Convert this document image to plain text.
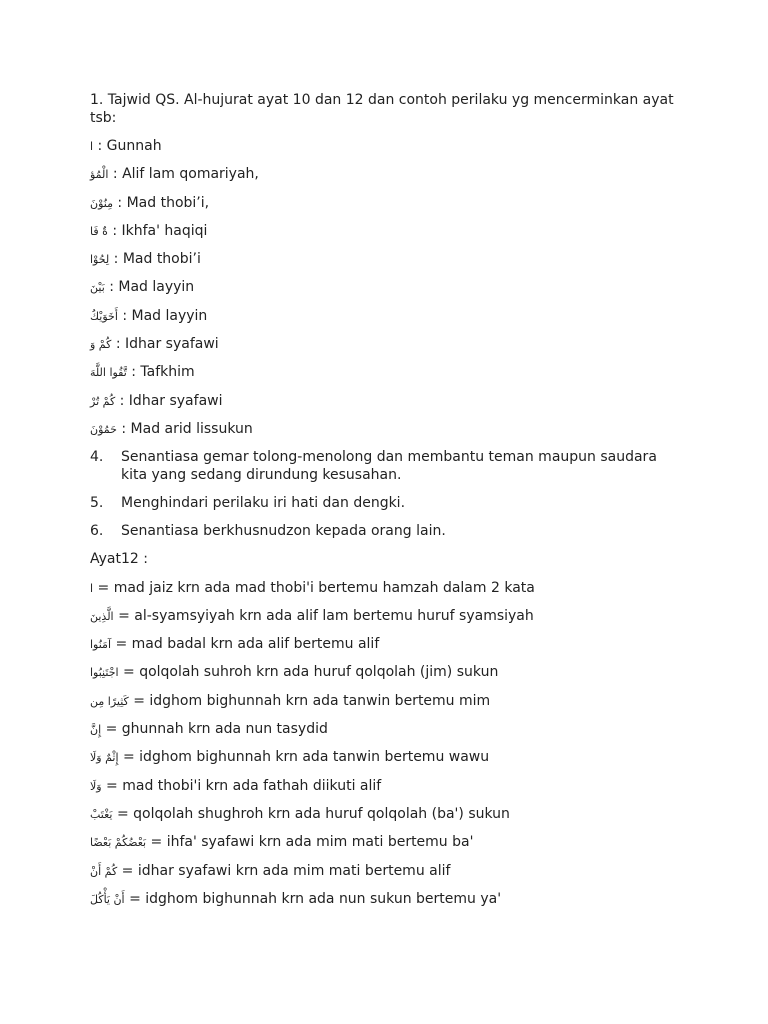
1. Tajwid QS. Al-hujurat ayat 10 dan 12 dan contoh perilaku yg mencerminkan ayat tsb:

ا : Gunnah
الْمُؤ : Alif lam qomariyah,
مِنُوْنَ : Mad thobi’i,
ةٌ فَا : Ikhfa' haqiqi
لِحُوْا : Mad thobi’i
بَيْنَ : Mad layyin
أَخَوَيْكُ : Mad layyin
كُمْ وَ : Idhar syafawi
تَّقُوا اللَّهَ : Tafkhim
كُمْ تُرْ : Idhar syafawi
حَمُوْنَ : Mad arid lissukun
4.	Senantiasa gemar tolong-menolong dan membantu teman maupun saudara kita yang sedang dirundung kesusahan.
5.	Menghindari perilaku iri hati dan dengki.
6.	Senantiasa berkhusnudzon kepada orang lain.
Ayat12 :
ا = mad jaiz krn ada mad thobi'i bertemu hamzah dalam 2 kata
الَّذِينَ = al-syamsyiyah krn ada alif lam bertemu huruf syamsiyah
آمَنُوا = mad badal krn ada alif bertemu alif
اجْتَنِبُوا = qolqolah suhroh krn ada huruf qolqolah (jim) sukun
كَثِيرًا مِن = idghom bighunnah krn ada tanwin bertemu mim
إِنَّ = ghunnah krn ada nun tasydid
إِثْمٌ وَلَا = idghom bighunnah krn ada tanwin bertemu wawu
وَلَا = mad thobi'i krn ada fathah diikuti alif
يَغْتَبْ = qolqolah shughroh krn ada huruf qolqolah (ba') sukun
بَعْضُكُمْ بَعْضًا = ihfa' syafawi krn ada mim mati bertemu ba'
كُمْ أَنْ = idhar syafawi krn ada mim mati bertemu alif
أَنْ يَأْكُلَ = idghom bighunnah krn ada nun sukun bertemu ya'
